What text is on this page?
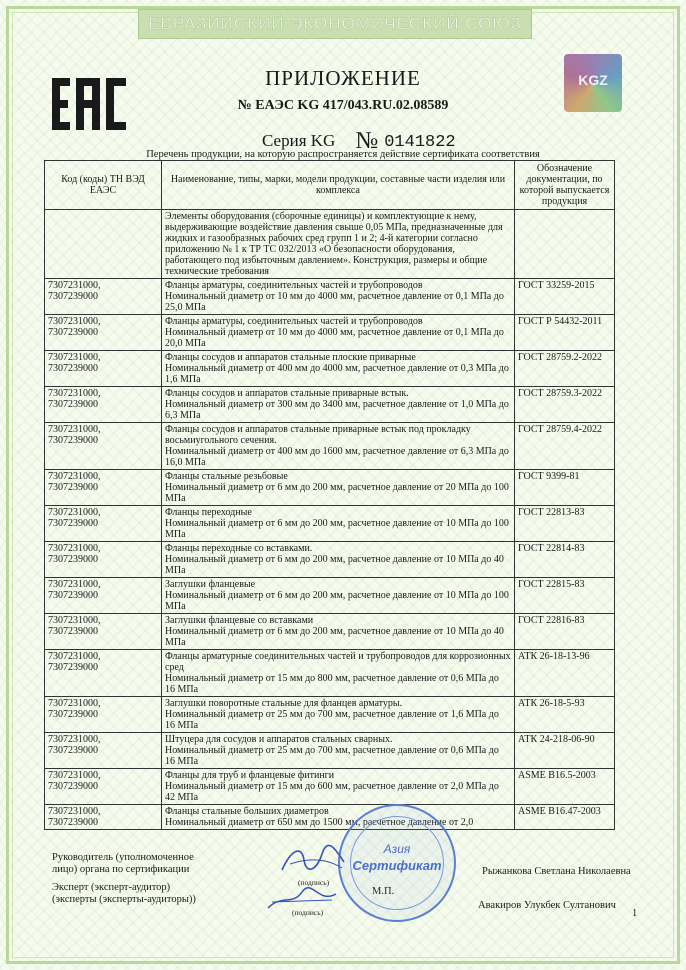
ЕВРАЗИЙСКИЙ ЭКОНОМИЧЕСКИЙ СОЮЗ
KGZ
ПРИЛОЖЕНИЕ
№ ЕАЭС KG 417/043.RU.02.08589
Серия KG № 0141822
Перечень продукции, на которую распространяется действие сертификата соответствия
Код (коды) ТН ВЭД ЕАЭС	Наименование, типы, марки, модели продукции, составные части изделия или комплекса	Обозначение документации, по которой выпускается продукция
	Элементы оборудования (сборочные единицы) и комплектующие к нему, выдерживающие воздействие давления свыше 0,05 МПа, предназначенные для жидких и газообразных рабочих сред групп 1 и 2; 4-й категории согласно приложению № 1 к ТР ТС 032/2013 «О безопасности оборудования, работающего под избыточным давлением». Конструкция, размеры и общие технические требования	

7307231000,
7307239000	Фланцы арматуры, соединительных частей и трубопроводов
Номинальный диаметр от 10 мм до 4000 мм, расчетное давление от 0,1 МПа до 25,0 МПа	ГОСТ 33259-2015

7307231000,
7307239000	Фланцы арматуры, соединительных частей и трубопроводов
Номинальный диаметр от 10 мм до 4000 мм, расчетное давление от 0,1 МПа до 20,0 МПа	ГОСТ Р 54432-2011

7307231000,
7307239000	Фланцы сосудов и аппаратов стальные плоские приварные
Номинальный диаметр от 400 мм до 4000 мм, расчетное давление от 0,3 МПа до 1,6 МПа	ГОСТ 28759.2-2022

7307231000,
7307239000	Фланцы сосудов и аппаратов стальные приварные встык.
Номинальный диаметр от 300 мм до 3400 мм, расчетное давление от 1,0 МПа до 6,3 МПа	ГОСТ 28759.3-2022

7307231000,
7307239000	Фланцы сосудов и аппаратов стальные приварные встык под прокладку восьмиугольного сечения.
Номинальный диаметр от 400 мм до 1600 мм, расчетное давление от 6,3 МПа до 16,0 МПа	ГОСТ 28759.4-2022

7307231000,
7307239000	Фланцы стальные резьбовые
Номинальный диаметр от 6 мм до 200 мм, расчетное давление от 20 МПа до 100 МПа	ГОСТ 9399-81

7307231000,
7307239000	Фланцы переходные
Номинальный диаметр от 6 мм до 200 мм, расчетное давление от 10 МПа до 100 МПа	ГОСТ 22813-83

7307231000,
7307239000	Фланцы переходные со вставками.
Номинальный диаметр от 6 мм до 200 мм, расчетное давление от 10 МПа до 40 МПа	ГОСТ 22814-83

7307231000,
7307239000	Заглушки фланцевые
Номинальный диаметр от 6 мм до 200 мм, расчетное давление от 10 МПа до 100 МПа	ГОСТ 22815-83

7307231000,
7307239000	Заглушки фланцевые со вставками
Номинальный диаметр от 6 мм до 200 мм, расчетное давление от 10 МПа до 40 МПа	ГОСТ 22816-83

7307231000,
7307239000	Фланцы арматурные соединительных частей и трубопроводов для коррозионных сред
Номинальный диаметр от 15 мм до 800 мм, расчетное давление от 0,6 МПа до 16 МПа	АТК 26-18-13-96

7307231000,
7307239000	Заглушки поворотные стальные для фланцев арматуры.
Номинальный диаметр от 25 мм до 700 мм, расчетное давление от 1,6 МПа до 16 МПа	АТК 26-18-5-93

7307231000,
7307239000	Штуцера для сосудов и аппаратов стальных сварных.
Номинальный диаметр от 25 мм до 700 мм, расчетное давление от 0,6 МПа до 16 МПа	АТК 24-218-06-90

7307231000,
7307239000	Фланцы для труб и фланцевые фитинги
Номинальный диаметр от 15 мм до 600 мм, расчетное давление от 2,0 МПа до 42 МПа	ASME B16.5-2003

7307231000,
7307239000	Фланцы стальные больших диаметров
Номинальный диаметр от 650 мм до 1500 мм, расчетное давление от 2,0	ASME B16.47-2003
Руководитель (уполномоченное
лицо) органа по сертификации
(подпись)
Рыжанкова Светлана Николаевна
Эксперт (эксперт-аудитор)
(эксперты (эксперты-аудиторы))
М.П.
(подпись)
Авакиров Улукбек Султанович
Азия
Сертификат
1
